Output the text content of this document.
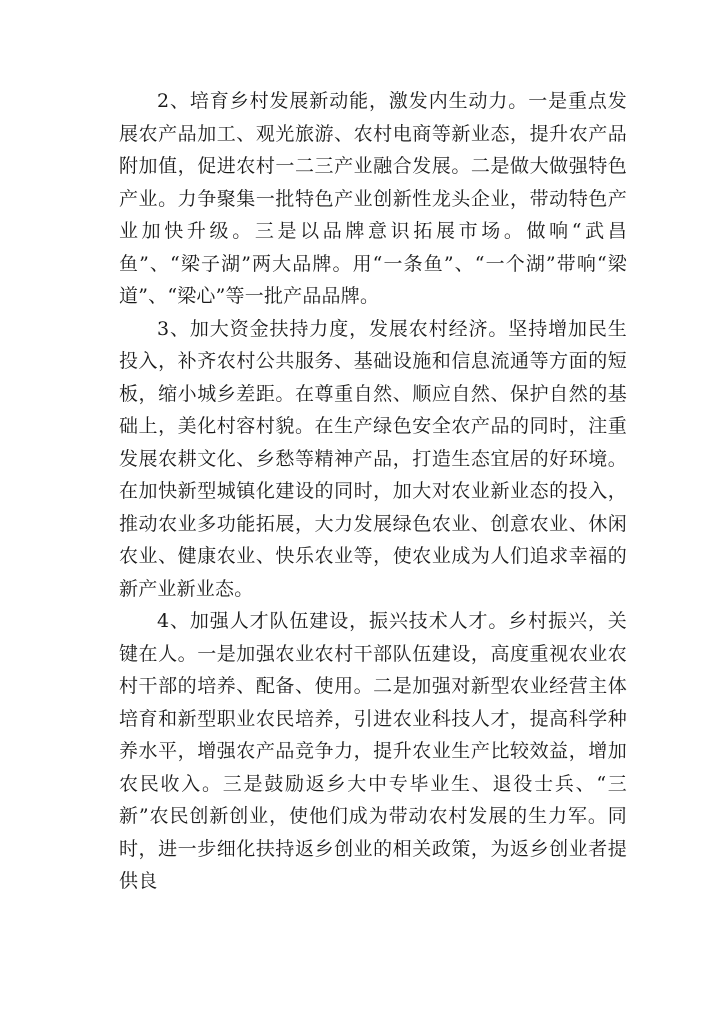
2、培育乡村发展新动能，激发内生动力。一是重点发展农产品加工、观光旅游、农村电商等新业态，提升农产品附加值，促进农村一二三产业融合发展。二是做大做强特色产业。力争聚集一批特色产业创新性龙头企业，带动特色产业加快升级。三是以品牌意识拓展市场。做响“武昌鱼”、“梁子湖”两大品牌。用“一条鱼”、“一个湖”带响“梁道”、“梁心”等一批产品品牌。

3、加大资金扶持力度，发展农村经济。坚持增加民生投入，补齐农村公共服务、基础设施和信息流通等方面的短板，缩小城乡差距。在尊重自然、顺应自然、保护自然的基础上，美化村容村貌。在生产绿色安全农产品的同时，注重发展农耕文化、乡愁等精神产品，打造生态宜居的好环境。在加快新型城镇化建设的同时，加大对农业新业态的投入，推动农业多功能拓展，大力发展绿色农业、创意农业、休闲农业、健康农业、快乐农业等，使农业成为人们追求幸福的新产业新业态。

4、加强人才队伍建设，振兴技术人才。乡村振兴，关键在人。一是加强农业农村干部队伍建设，高度重视农业农村干部的培养、配备、使用。二是加强对新型农业经营主体培育和新型职业农民培养，引进农业科技人才，提高科学种养水平，增强农产品竞争力，提升农业生产比较效益，增加农民收入。三是鼓励返乡大中专毕业生、退役士兵、“三新”农民创新创业，使他们成为带动农村发展的生力军。同时，进一步细化扶持返乡创业的相关政策，为返乡创业者提供良
